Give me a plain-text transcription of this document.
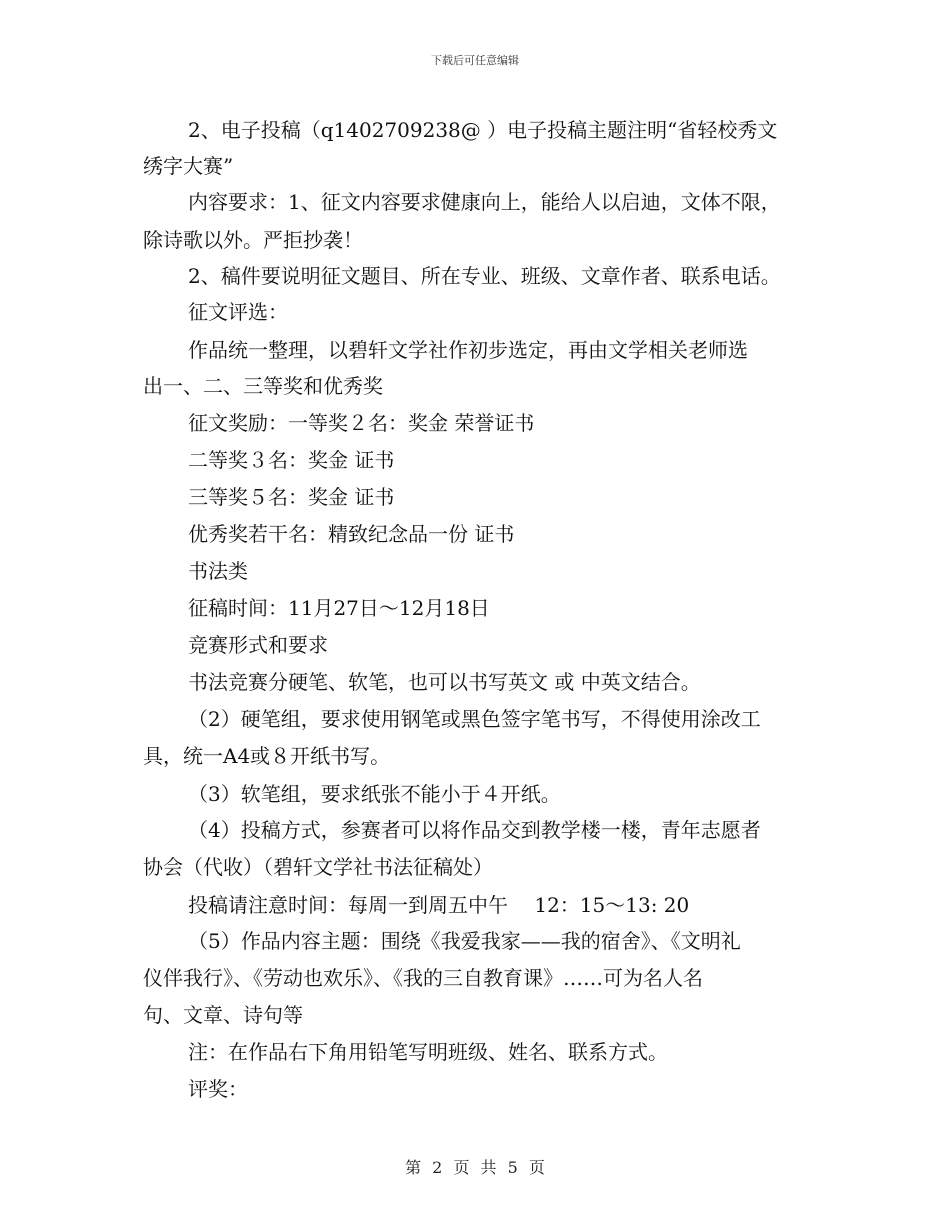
下载后可任意编辑
2、电子投稿（q1402709238@ ）电子投稿主题注明“省轻校秀文
绣字大赛”
内容要求：1、征文内容要求健康向上，能给人以启迪，文体不限，
除诗歌以外。严拒抄袭！
2、稿件要说明征文题目、所在专业、班级、文章作者、联系电话。
征文评选：
作品统一整理，以碧轩文学社作初步选定，再由文学相关老师选
出一、二、三等奖和优秀奖
征文奖励：一等奖２名：奖金 荣誉证书
二等奖３名：奖金 证书
三等奖５名：奖金 证书
优秀奖若干名：精致纪念品一份 证书
书法类
征稿时间：11月27日～12月18日
竞赛形式和要求
书法竞赛分硬笔、软笔，也可以书写英文 或 中英文结合。
（2）硬笔组，要求使用钢笔或黑色签字笔书写，不得使用涂改工
具，统一A4或８开纸书写。
（3）软笔组，要求纸张不能小于４开纸。
（4）投稿方式，参赛者可以将作品交到教学楼一楼，青年志愿者
协会（代收）（碧轩文学社书法征稿处）
投稿请注意时间：每周一到周五中午　 12：15～13: 20
（5）作品内容主题：围绕《我爱我家——我的宿舍》、《文明礼
仪伴我行》、《劳动也欢乐》、《我的三自教育课》……可为名人名
句、文章、诗句等
注：在作品右下角用铅笔写明班级、姓名、联系方式。
评奖：
第 2 页 共 5 页
